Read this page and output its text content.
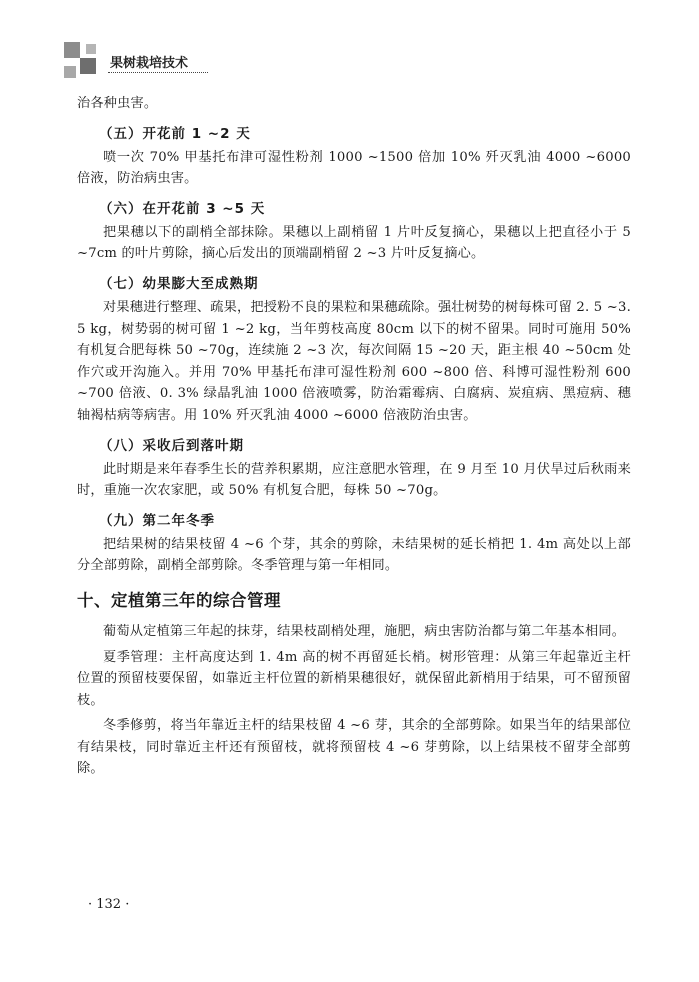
果树栽培技术

治各种虫害。

（五）开花前 1 ~2 天

喷一次 70% 甲基托布津可湿性粉剂 1000 ~1500 倍加 10% 歼灭乳油 4000 ~6000 倍液，防治病虫害。

（六）在开花前 3 ~5 天

把果穗以下的副梢全部抹除。果穗以上副梢留 1 片叶反复摘心，果穗以上把直径小于 5 ~7cm 的叶片剪除，摘心后发出的顶端副梢留 2 ~3 片叶反复摘心。

（七）幼果膨大至成熟期

对果穗进行整理、疏果，把授粉不良的果粒和果穗疏除。强壮树势的树每株可留 2. 5 ~3. 5 kg，树势弱的树可留 1 ~2 kg，当年剪枝高度 80cm 以下的树不留果。同时可施用 50% 有机复合肥每株 50 ~70g，连续施 2 ~3 次，每次间隔 15 ~20 天，距主根 40 ~50cm 处作穴或开沟施入。并用 70% 甲基托布津可湿性粉剂 600 ~800 倍、科博可湿性粉剂 600 ~700 倍液、0. 3% 绿晶乳油 1000 倍液喷雾，防治霜霉病、白腐病、炭疽病、黑痘病、穗轴褐枯病等病害。用 10% 歼灭乳油 4000 ~6000 倍液防治虫害。

（八）采收后到落叶期

此时期是来年春季生长的营养积累期，应注意肥水管理，在 9 月至 10 月伏旱过后秋雨来时，重施一次农家肥，或 50% 有机复合肥，每株 50 ~70g。

（九）第二年冬季

把结果树的结果枝留 4 ~6 个芽，其余的剪除，未结果树的延长梢把 1. 4m 高处以上部分全部剪除，副梢全部剪除。冬季管理与第一年相同。

十、定植第三年的综合管理

葡萄从定植第三年起的抹芽，结果枝副梢处理，施肥，病虫害防治都与第二年基本相同。

夏季管理：主杆高度达到 1. 4m 高的树不再留延长梢。树形管理：从第三年起靠近主杆位置的预留枝要保留，如靠近主杆位置的新梢果穗很好，就保留此新梢用于结果，可不留预留枝。

冬季修剪，将当年靠近主杆的结果枝留 4 ~6 芽，其余的全部剪除。如果当年的结果部位有结果枝，同时靠近主杆还有预留枝，就将预留枝 4 ~6 芽剪除，以上结果枝不留芽全部剪除。

· 132 ·
